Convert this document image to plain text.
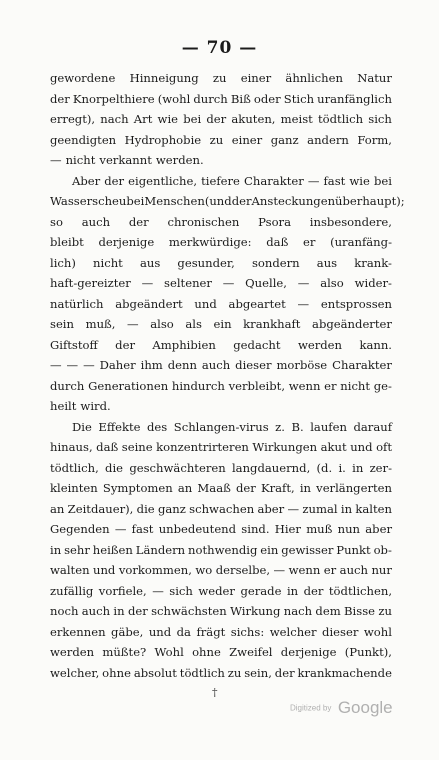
— 70 —
gewordene Hinneigung zu einer ähnlichen Natur
der Knorpelthiere (wohl durch Biß oder Stich uranfänglich
erregt), nach Art wie bei der akuten, meist tödtlich sich
geendigten Hydrophobie zu einer ganz andern Form,
— nicht verkannt werden.
Aber der eigentliche, tiefere Charakter — fast wie bei
Wasserscheu bei Menschen (und der Ansteckungen überhaupt);
so auch der chronischen Psora insbesondere,
bleibt derjenige merkwürdige: daß er (uranfäng-
lich) nicht aus gesunder, sondern aus krank-
haft-gereizter — seltener — Quelle, — also wider-
natürlich abgeändert und abgeartet — entsprossen
sein muß, — also als ein krankhaft abgeänderter
Giftstoff der Amphibien gedacht werden kann.
— — — Daher ihm denn auch dieser morböse Charakter
durch Generationen hindurch verbleibt, wenn er nicht ge-
heilt wird.
Die Effekte des Schlangen-virus z. B. laufen darauf
hinaus, daß seine konzentrirteren Wirkungen akut und oft
tödtlich, die geschwächteren langdauernd, (d. i. in zer-
kleinten Symptomen an Maaß der Kraft, in verlängerten
an Zeitdauer), die ganz schwachen aber — zumal in kalten
Gegenden — fast unbedeutend sind. Hier muß nun aber
in sehr heißen Ländern nothwendig ein gewisser Punkt ob-
walten und vorkommen, wo derselbe, — wenn er auch nur
zufällig vorfiele, — sich weder gerade in der tödtlichen,
noch auch in der schwächsten Wirkung nach dem Bisse zu
erkennen gäbe, und da frägt sichs: welcher dieser wohl
werden müßte? Wohl ohne Zweifel derjenige (Punkt),
welcher, ohne absolut tödtlich zu sein, der krankmachende
†
Digitized by Google
